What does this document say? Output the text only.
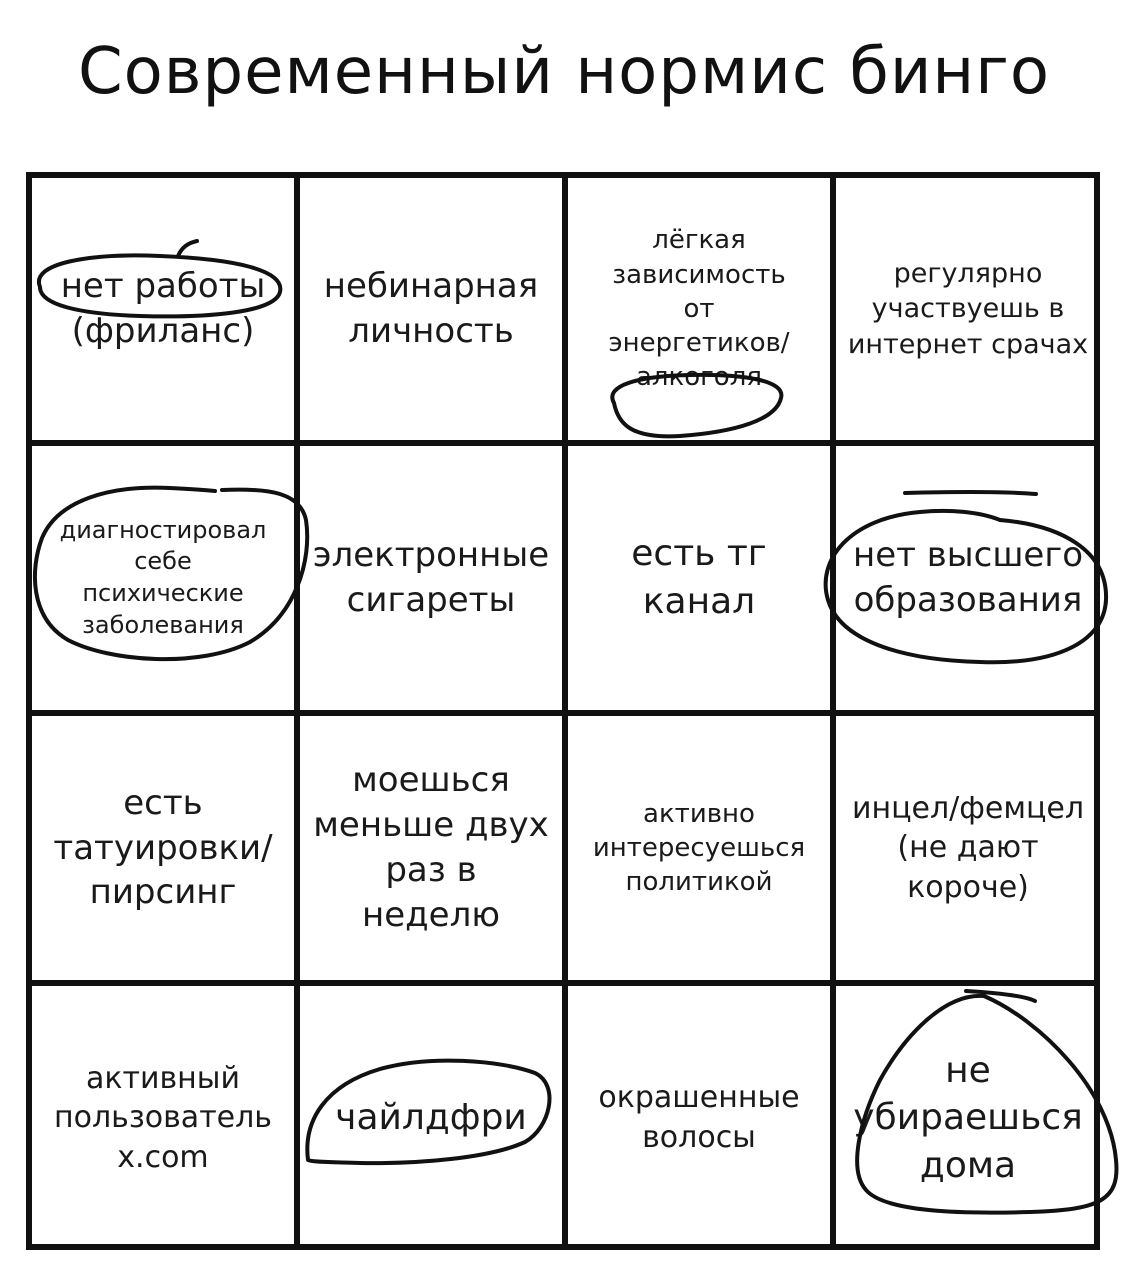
Современный нормис бинго
нет работы
(фриланс)
небинарная
личность
лёгкая
зависимость
от
энергетиков/
алкоголя
регулярно
участвуешь в
интернет срачах
диагностировал
себе
психические
заболевания
электронные
сигареты
есть тг
канал
нет высшего
образования
есть
татуировки/
пирсинг
моешься
меньше двух
раз в
неделю
активно
интересуешься
политикой
инцел/фемцел
(не дают
короче)
активный
пользователь
x.com
чайлдфри	окрашенные
волосы
не
убираешься
дома
